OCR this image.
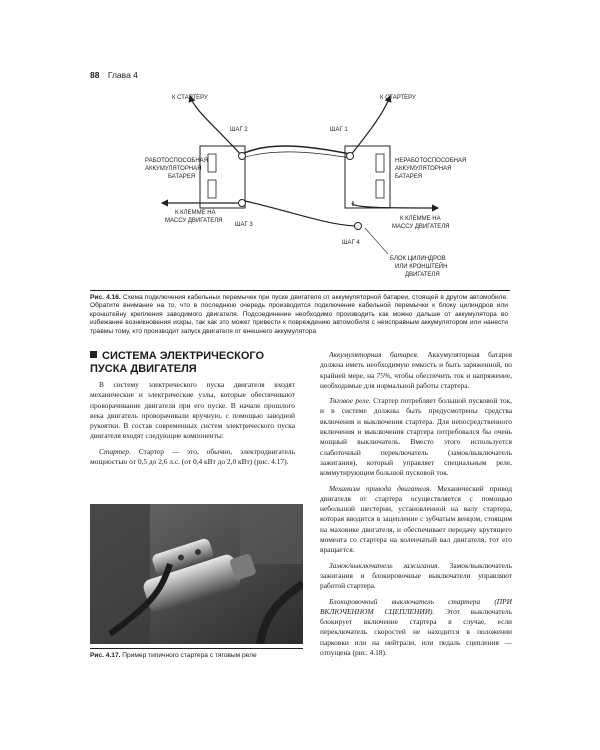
88 Глава 4
К СТАРТЕРУ	К СТАРТЕРУ
ШАГ 2	ШАГ 1
ШАГ 3
ШАГ 4
РАБОТОСПОСОБНАЯ
АККУМУЛЯТОРНАЯ
БАТАРЕЯ
НЕРАБОТОСПОСОБНАЯ
АККУМУЛЯТОРНАЯ
БАТАРЕЯ
К КЛЕММЕ НА
МАССУ ДВИГАТЕЛЯ	К КЛЕММЕ НА
МАССУ ДВИГАТЕЛЯ
БЛОК ЦИЛИНДРОВ
ИЛИ КРОНШТЕЙН
ДВИГАТЕЛЯ
Рис. 4.16. Схема подключения кабельных перемычек при пуске двигателя от аккумуляторной батареи, стоящей в другом автомобиле. Обратите внимание на то, что в последнюю очередь производится подключение кабельной перемычки к блоку цилиндров или кронштейну крепления заводимого двигателя. Подсоединение необходимо производить как можно дальше от аккумулятора во избежание возникновения искры, так как это может привести к повреждению автомобиля с неисправным аккумулятором или нанести травмы тому, кто производит запуск двигателя от внешнего аккумулятора
СИСТЕМА ЭЛЕКТРИЧЕСКОГО ПУСКА ДВИГАТЕЛЯ

В систему электрического пуска двигателя входят механические и электрические узлы, которые обеспечивают проворачивание двигателя при его пуске. В начале прошлого века двигатель проворачивали вручную, с помощью заводной рукоятки. В состав современных систем электрического пуска двигателя входят следующие компоненты:

Стартер. Стартер — это, обычно, электродвигатель мощностью от 0,5 до 2,6 л.с. (от 0,4 кВт до 2,0 кВт) (рис. 4.17).

Рис. 4.17. Пример типичного стартера с тяговым реле

Аккумуляторная батарея. Аккумуляторная батарея должна иметь необходимую емкость и быть заряженной, по крайней мере, на 75%, чтобы обеспечить ток и напряжение, необходимые для нормальной работы стартера.

Тяговое реле. Стартер потребляет большой пусковой ток, и в системе должны быть предусмотрены средства включения и выключения стартера. Для непосредственного включения и выключения стартера потребовался бы очень мощный выключатель. Вместо этого используется слаботочный переключатель (замок/выключатель зажигания), который управляет специальным реле, коммутирующим большой пусковой ток.

Механизм привода двигателя. Механический привод двигателя от стартера осуществляется с помощью небольшой шестерни, установленной на валу стартера, которая вводится в зацепление с зубчатым венцом, стоящим на маховике двигателя, и обеспечивает передачу крутящего момента со стартера на коленчатый вал двигателя, тот его вращается.

Замок/выключатель зажигания. Замок/выключатель зажигания и блокировочные выключатели управляют работой стартера.

Блокировочный выключатель стартера (ПРИ ВКЛЮЧЕННОМ СЦЕПЛЕНИИ). Этот выключатель блокирует включение стартера в случае, если переключатель скоростей не находится в положении парковки или на нейтрали, или педаль сцепления — отпущена (рис. 4.18).
